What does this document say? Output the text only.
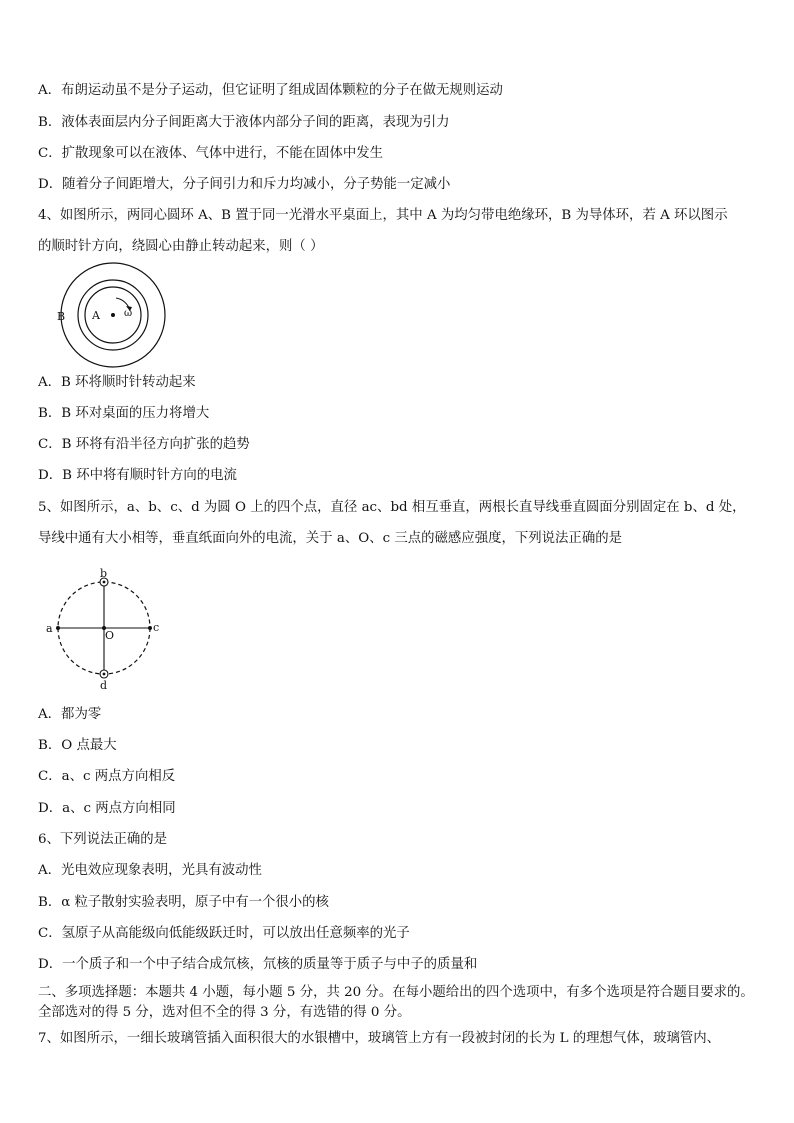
A．布朗运动虽不是分子运动，但它证明了组成固体颗粒的分子在做无规则运动
B．液体表面层内分子间距离大于液体内部分子间的距离，表现为引力
C．扩散现象可以在液体、气体中进行，不能在固体中发生
D．随着分子间距增大，分子间引力和斥力均减小，分子势能一定减小
4、如图所示，两同心圆环 A、B 置于同一光滑水平桌面上，其中 A 为均匀带电绝缘环，B 为导体环，若 A 环以图示
的顺时针方向，绕圆心由静止转动起来，则（ ）
B A ω
A．B 环将顺时针转动起来
B．B 环对桌面的压力将增大
C．B 环将有沿半径方向扩张的趋势
D．B 环中将有顺时针方向的电流
5、如图所示，a、b、c、d 为圆 O 上的四个点，直径 ac、bd 相互垂直，两根长直导线垂直圆面分别固定在 b、d 处，
导线中通有大小相等，垂直纸面向外的电流，关于 a、O、c 三点的磁感应强度，下列说法正确的是
a
b
c
d
O
A．都为零
B．O 点最大
C．a、c 两点方向相反
D．a、c 两点方向相同
6、下列说法正确的是
A．光电效应现象表明，光具有波动性
B．α 粒子散射实验表明，原子中有一个很小的核
C．氢原子从高能级向低能级跃迁时，可以放出任意频率的光子
D．一个质子和一个中子结合成氘核，氘核的质量等于质子与中子的质量和
二、多项选择题：本题共 4 小题，每小题 5 分，共 20 分。在每小题给出的四个选项中，有多个选项是符合题目要求的。
全部选对的得 5 分，选对但不全的得 3 分，有选错的得 0 分。
7、如图所示，一细长玻璃管插入面积很大的水银槽中，玻璃管上方有一段被封闭的长为 L 的理想气体，玻璃管内、
